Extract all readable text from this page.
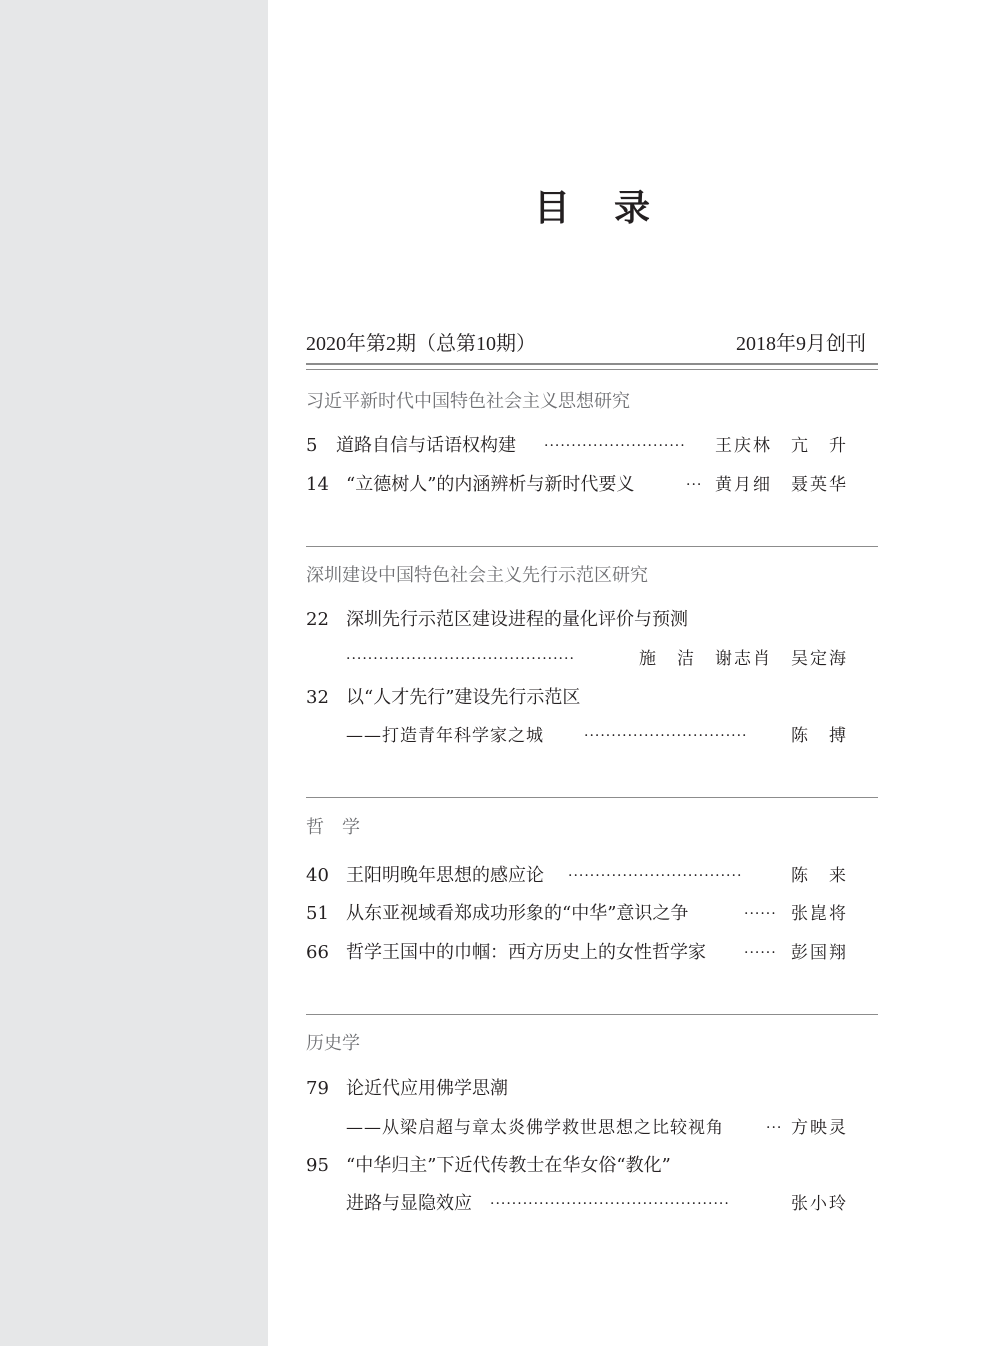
目 录
2020年第2期（总第10期）	2018年9月创刊
习近平新时代中国特色社会主义思想研究
5 道路自信与话语权构建 ··························	王庆林　亢　升
14 “立德树人”的内涵辨析与新时代要义	··· 黄月细　聂英华
深圳建设中国特色社会主义先行示范区研究
22 深圳先行示范区建设进程的量化评价与预测
··········································	施　洁　谢志肖　吴定海
32 以“人才先行”建设先行示范区
——打造青年科学家之城	······························	陈　搏
哲　学
40 王阳明晚年思想的感应论 ································	陈　来
51 从东亚视域看郑成功形象的“中华”意识之争	······ 张崑将
66 哲学王国中的巾帼：西方历史上的女性哲学家	······ 彭国翔
历史学
79 论近代应用佛学思潮
——从梁启超与章太炎佛学救世思想之比较视角	··· 方映灵
95 “中华归主”下近代传教士在华女俗“教化”
进路与显隐效应 ············································	张小玲
